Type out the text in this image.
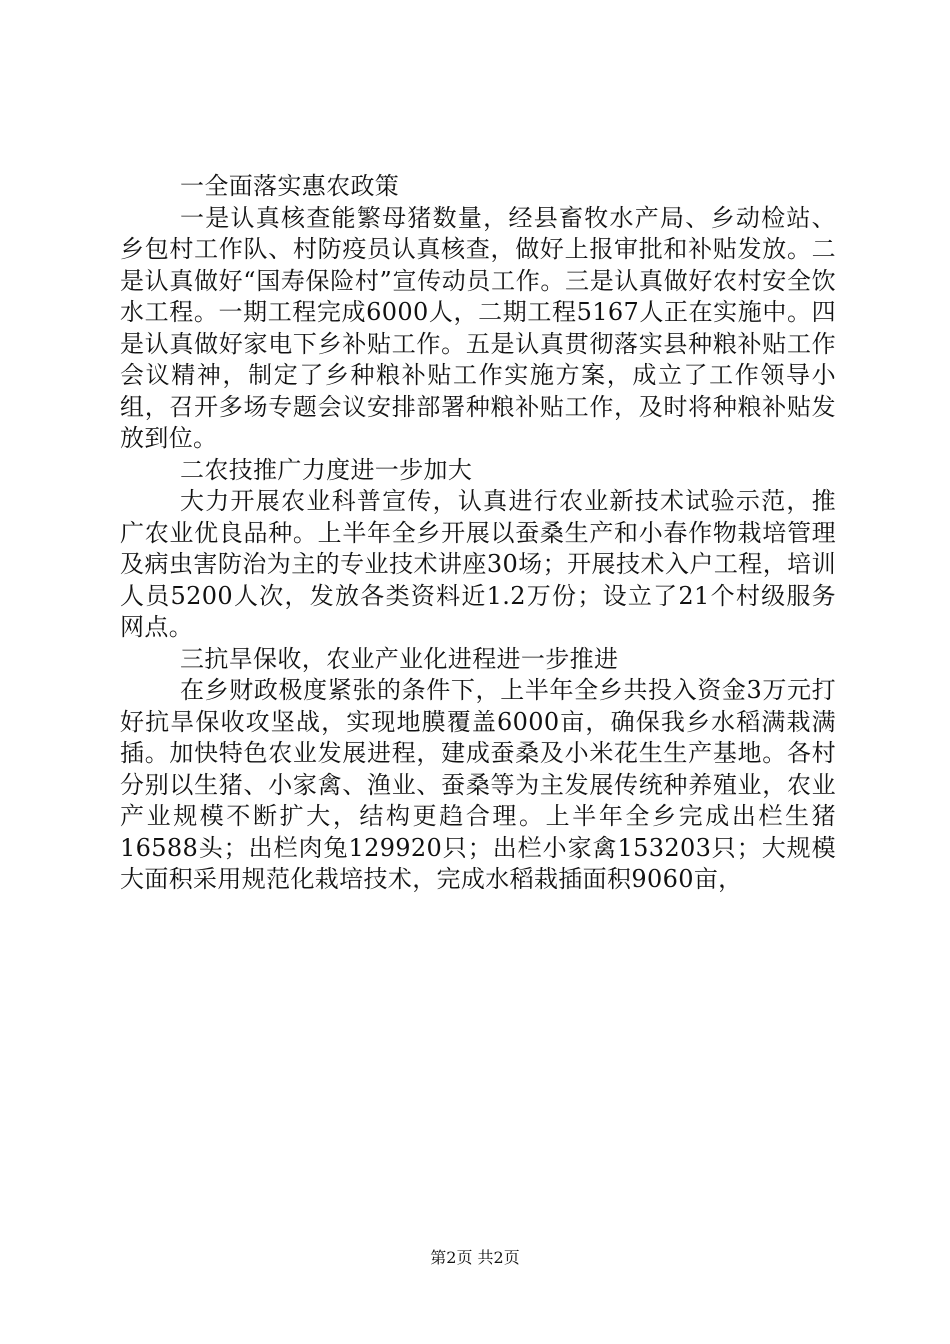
一全面落实惠农政策

一是认真核查能繁母猪数量，经县畜牧水产局、乡动检站、乡包村工作队、村防疫员认真核查，做好上报审批和补贴发放。二是认真做好“国寿保险村”宣传动员工作。三是认真做好农村安全饮水工程。一期工程完成6000人，二期工程5167人正在实施中。四是认真做好家电下乡补贴工作。五是认真贯彻落实县种粮补贴工作会议精神，制定了乡种粮补贴工作实施方案，成立了工作领导小组，召开多场专题会议安排部署种粮补贴工作，及时将种粮补贴发放到位。

二农技推广力度进一步加大

大力开展农业科普宣传，认真进行农业新技术试验示范，推广农业优良品种。上半年全乡开展以蚕桑生产和小春作物栽培管理及病虫害防治为主的专业技术讲座30场；开展技术入户工程，培训人员5200人次，发放各类资料近1.2万份；设立了21个村级服务网点。

三抗旱保收，农业产业化进程进一步推进

在乡财政极度紧张的条件下，上半年全乡共投入资金3万元打好抗旱保收攻坚战，实现地膜覆盖6000亩，确保我乡水稻满栽满插。加快特色农业发展进程，建成蚕桑及小米花生生产基地。各村分别以生猪、小家禽、渔业、蚕桑等为主发展传统种养殖业，农业产业规模不断扩大，结构更趋合理。上半年全乡完成出栏生猪16588头；出栏肉兔129920只；出栏小家禽153203只；大规模大面积采用规范化栽培技术，完成水稻栽插面积9060亩，

第2页 共2页
